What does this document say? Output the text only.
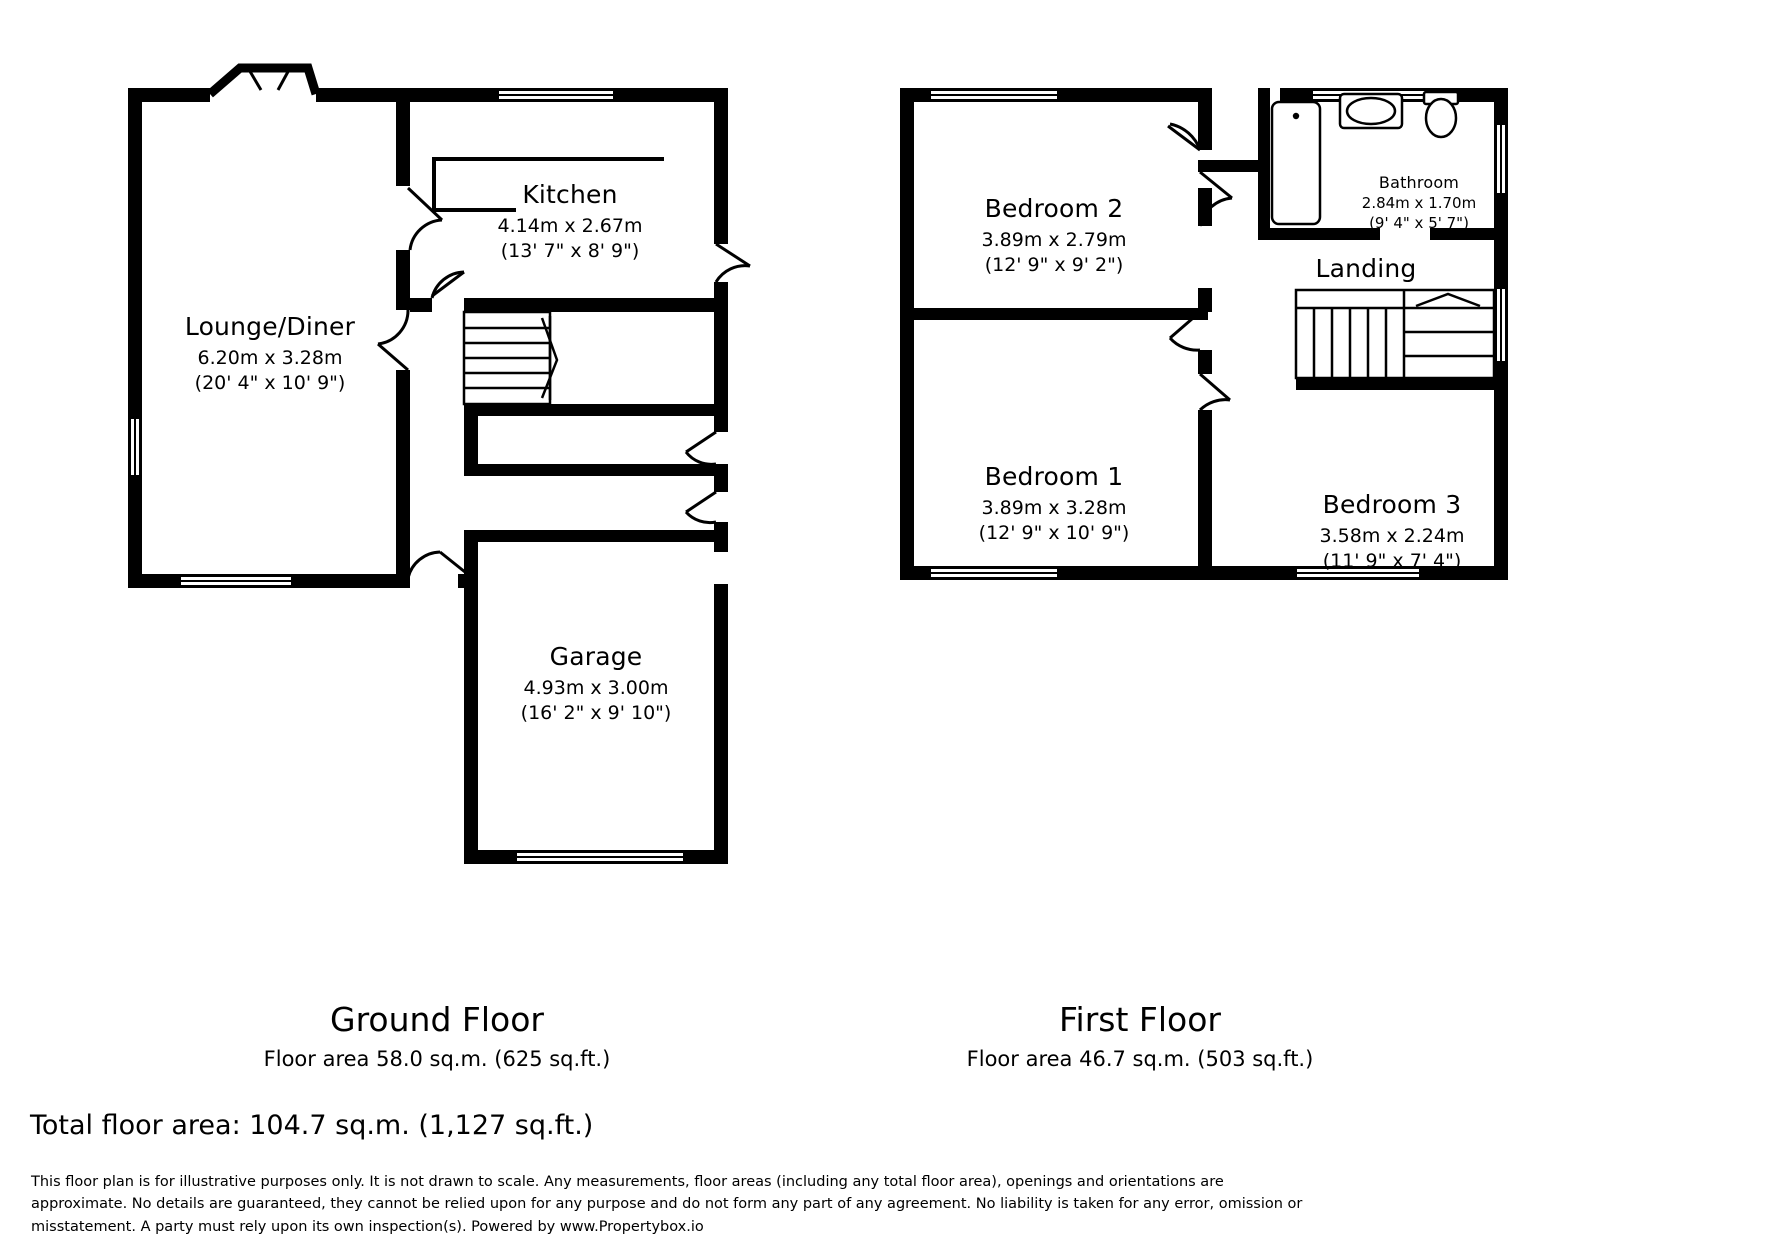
Lounge/Diner
6.20m x 3.28m
(20' 4" x 10' 9")
Kitchen
4.14m x 2.67m
(13' 7" x 8' 9")
Garage
4.93m x 3.00m
(16' 2" x 9' 10")
Bedroom 2
3.89m x 2.79m
(12' 9" x 9' 2")
Bedroom 1
3.89m x 3.28m
(12' 9" x 10' 9")
Bedroom 3
3.58m x 2.24m
(11' 9" x 7' 4")
Bathroom
2.84m x 1.70m
(9' 4" x 5' 7")
Landing
Ground Floor
Floor area 58.0 sq.m. (625 sq.ft.)
First Floor
Floor area 46.7 sq.m. (503 sq.ft.)
Total floor area: 104.7 sq.m. (1,127 sq.ft.)
This floor plan is for illustrative purposes only. It is not drawn to scale. Any measurements, floor areas (including any total floor area), openings and orientations are approximate. No details are guaranteed, they cannot be relied upon for any purpose and do not form any part of any agreement. No liability is taken for any error, omission or misstatement. A party must rely upon its own inspection(s). Powered by www.Propertybox.io
